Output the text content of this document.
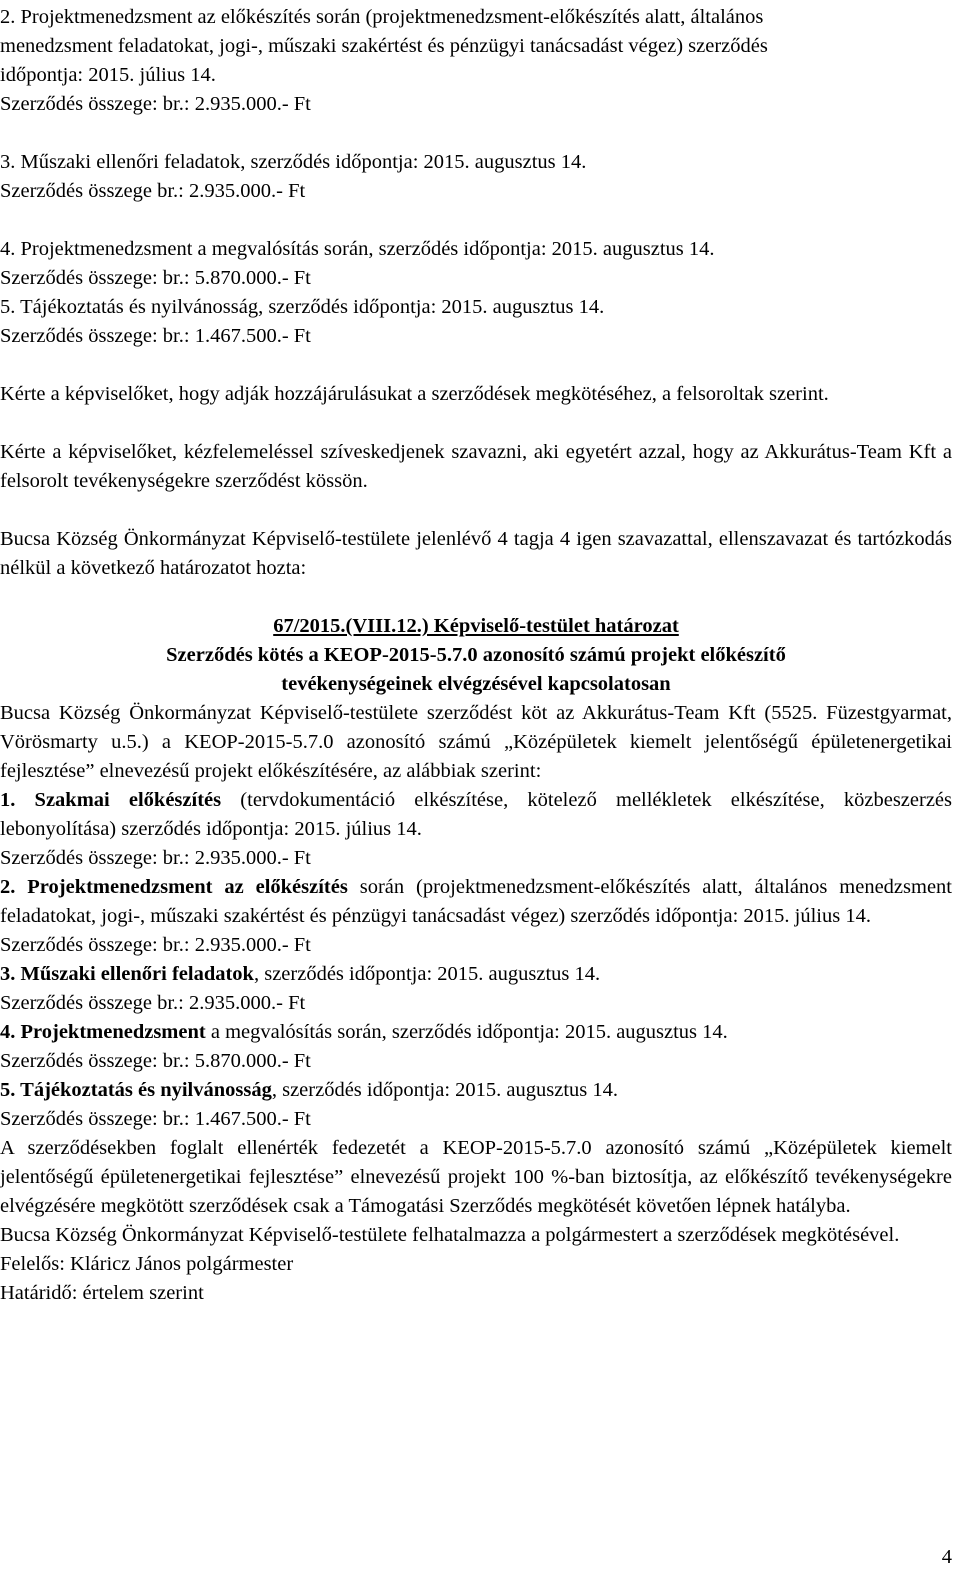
2. Projektmenedzsment az előkészítés során (projektmenedzsment-előkészítés alatt, általános

menedzsment feladatokat, jogi-, műszaki szakértést és pénzügyi tanácsadást végez) szerződés

időpontja: 2015. július 14.

Szerződés összege: br.: 2.935.000.- Ft

3. Műszaki ellenőri feladatok, szerződés időpontja: 2015. augusztus 14.

Szerződés összege br.: 2.935.000.- Ft

4. Projektmenedzsment a megvalósítás során, szerződés időpontja: 2015. augusztus 14.

Szerződés összege: br.: 5.870.000.- Ft

5. Tájékoztatás és nyilvánosság, szerződés időpontja: 2015. augusztus 14.

Szerződés összege: br.: 1.467.500.- Ft

Kérte a képviselőket, hogy adják hozzájárulásukat a szerződések megkötéséhez, a felsoroltak szerint.

Kérte a képviselőket, kézfelemeléssel szíveskedjenek szavazni, aki egyetért azzal, hogy az Akkurátus-Team Kft a felsorolt tevékenységekre szerződést kössön.

Bucsa Község Önkormányzat Képviselő-testülete jelenlévő 4 tagja 4 igen szavazattal, ellenszavazat és tartózkodás nélkül a következő határozatot hozta:

67/2015.(VIII.12.) Képviselő-testület határozat

Szerződés kötés a KEOP-2015-5.7.0 azonosító számú projekt előkészítő

tevékenységeinek elvégzésével kapcsolatosan

Bucsa Község Önkormányzat Képviselő-testülete szerződést köt az Akkurátus-Team Kft (5525. Füzestgyarmat, Vörösmarty u.5.) a KEOP-2015-5.7.0 azonosító számú „Középületek kiemelt jelentőségű épületenergetikai fejlesztése” elnevezésű projekt előkészítésére, az alábbiak szerint:

1. Szakmai előkészítés (tervdokumentáció elkészítése, kötelező mellékletek elkészítése, közbeszerzés lebonyolítása) szerződés időpontja: 2015. július 14.

Szerződés összege: br.: 2.935.000.- Ft

2. Projektmenedzsment az előkészítés során (projektmenedzsment-előkészítés alatt, általános menedzsment feladatokat, jogi-, műszaki szakértést és pénzügyi tanácsadást végez) szerződés időpontja: 2015. július 14.

Szerződés összege: br.: 2.935.000.- Ft

3. Műszaki ellenőri feladatok, szerződés időpontja: 2015. augusztus 14.

Szerződés összege br.: 2.935.000.- Ft

4. Projektmenedzsment a megvalósítás során, szerződés időpontja: 2015. augusztus 14.

Szerződés összege: br.: 5.870.000.- Ft

5. Tájékoztatás és nyilvánosság, szerződés időpontja: 2015. augusztus 14.

Szerződés összege: br.: 1.467.500.- Ft

A szerződésekben foglalt ellenérték fedezetét a KEOP-2015-5.7.0 azonosító számú „Középületek kiemelt jelentőségű épületenergetikai fejlesztése” elnevezésű projekt 100 %-ban biztosítja, az előkészítő tevékenységekre elvégzésére megkötött szerződések csak a Támogatási Szerződés megkötését követően lépnek hatályba.

Bucsa Község Önkormányzat Képviselő-testülete felhatalmazza a polgármestert a szerződések megkötésével.

Felelős: Kláricz János polgármester

Határidő: értelem szerint

4
